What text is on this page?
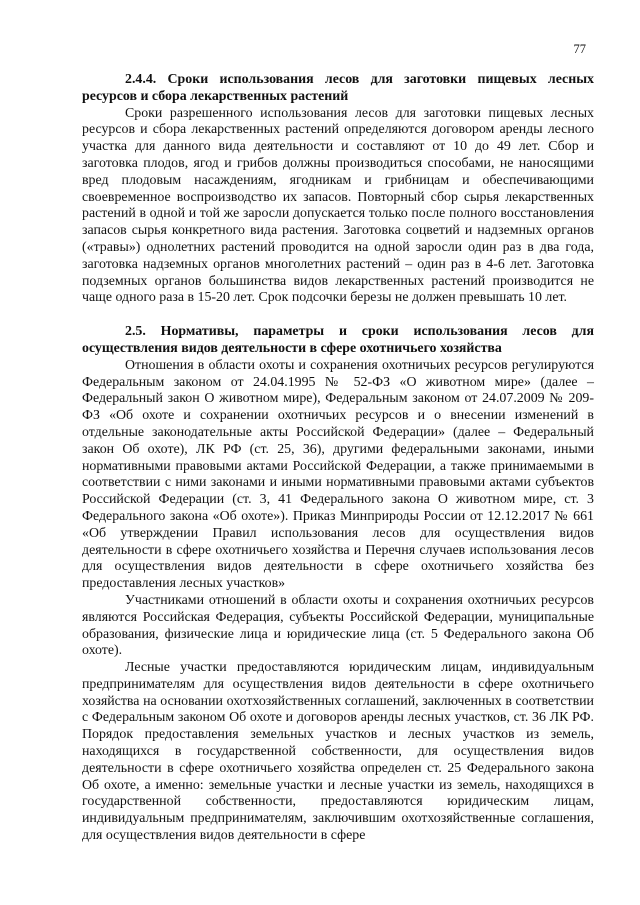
77

2.4.4. Сроки использования лесов для заготовки пищевых лесных ресурсов и сбора лекарственных растений

Сроки разрешенного использования лесов для заготовки пищевых лесных ресурсов и сбора лекарственных растений определяются договором аренды лесного участка для данного вида деятельности и составляют от 10 до 49 лет. Сбор и заготовка плодов, ягод и грибов должны производиться способами, не наносящими вред плодовым насаждениям, ягодникам и грибницам и обеспечивающими своевременное воспроизводство их запасов. Повторный сбор сырья лекарственных растений в одной и той же заросли допускается только после полного восстановления запасов сырья конкретного вида растения. Заготовка соцветий и надземных органов («травы») однолетних растений проводится на одной заросли один раз в два года, заготовка надземных органов многолетних растений – один раз в 4-6 лет. Заготовка подземных органов большинства видов лекарственных растений производится не чаще одного раза в 15-20 лет. Срок подсочки березы не должен превышать 10 лет.

2.5. Нормативы, параметры и сроки использования лесов для осуществления видов деятельности в сфере охотничьего хозяйства

Отношения в области охоты и сохранения охотничьих ресурсов регулируются Федеральным законом от 24.04.1995 № 52-ФЗ «О животном мире» (далее – Федеральный закон О животном мире), Федеральным законом от 24.07.2009 № 209-ФЗ «Об охоте и сохранении охотничьих ресурсов и о внесении изменений в отдельные законодательные акты Российской Федерации» (далее – Федеральный закон Об охоте), ЛК РФ (ст. 25, 36), другими федеральными законами, иными нормативными правовыми актами Российской Федерации, а также принимаемыми в соответствии с ними законами и иными нормативными правовыми актами субъектов Российской Федерации (ст. 3, 41 Федерального закона О животном мире, ст. 3 Федерального закона «Об охоте»). Приказ Минприроды России от 12.12.2017 № 661 «Об утверждении Правил использования лесов для осуществления видов деятельности в сфере охотничьего хозяйства и Перечня случаев использования лесов для осуществления видов деятельности в сфере охотничьего хозяйства без предоставления лесных участков»

Участниками отношений в области охоты и сохранения охотничьих ресурсов являются Российская Федерация, субъекты Российской Федерации, муниципальные образования, физические лица и юридические лица (ст. 5 Федерального закона Об охоте).

Лесные участки предоставляются юридическим лицам, индивидуальным предпринимателям для осуществления видов деятельности в сфере охотничьего хозяйства на основании охотхозяйственных соглашений, заключенных в соответствии с Федеральным законом Об охоте и договоров аренды лесных участков, ст. 36 ЛК РФ. Порядок предоставления земельных участков и лесных участков из земель, находящихся в государственной собственности, для осуществления видов деятельности в сфере охотничьего хозяйства определен ст. 25 Федерального закона Об охоте, а именно: земельные участки и лесные участки из земель, находящихся в государственной собственности, предоставляются юридическим лицам, индивидуальным предпринимателям, заключившим охотхозяйственные соглашения, для осуществления видов деятельности в сфере
